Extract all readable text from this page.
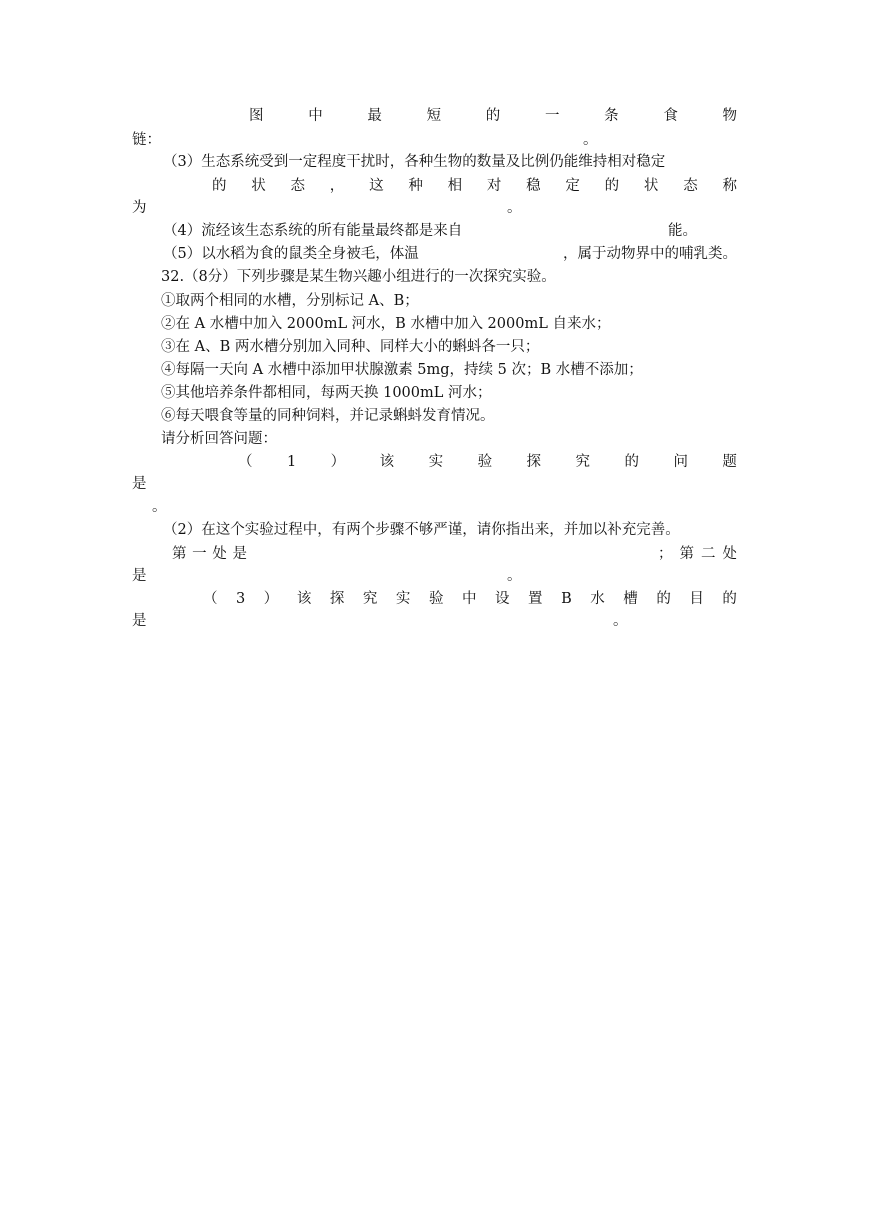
图	中	最	短	的	一	条	食	物
链：	。
（3）生态系统受到一定程度干扰时，各种生物的数量及比例仍能维持相对稳定
的 状 态 ， 这 种 相 对 稳 定 的 状 态 称
为	。
（4）流经该生态系统的所有能量最终都是来自	能。
（5）以水稻为食的鼠类全身被毛，体温	，属于动物界中的哺乳类。
32.（8分）下列步骤是某生物兴趣小组进行的一次探究实验。
①取两个相同的水槽，分别标记 A、B；
②在 A 水槽中加入 2000mL 河水，B 水槽中加入 2000mL 自来水；
③在 A、B 两水槽分别加入同种、同样大小的蝌蚪各一只；
④每隔一天向 A 水槽中添加甲状腺激素 5mg，持续 5 次；B 水槽不添加；
⑤其他培养条件都相同，每两天换 1000mL 河水；
⑥每天喂食等量的同种饲料，并记录蝌蚪发育情况。
请分析回答问题：
（ 1 ） 该 实 验 探 究 的 问 题
是
。
（2）在这个实验过程中，有两个步骤不够严谨，请你指出来，并加以补充完善。
第 一 处 是	； 第 二 处
是	。
（ 3 ） 该 探 究 实 验 中 设 置 B 水 槽 的 目 的
是	。
